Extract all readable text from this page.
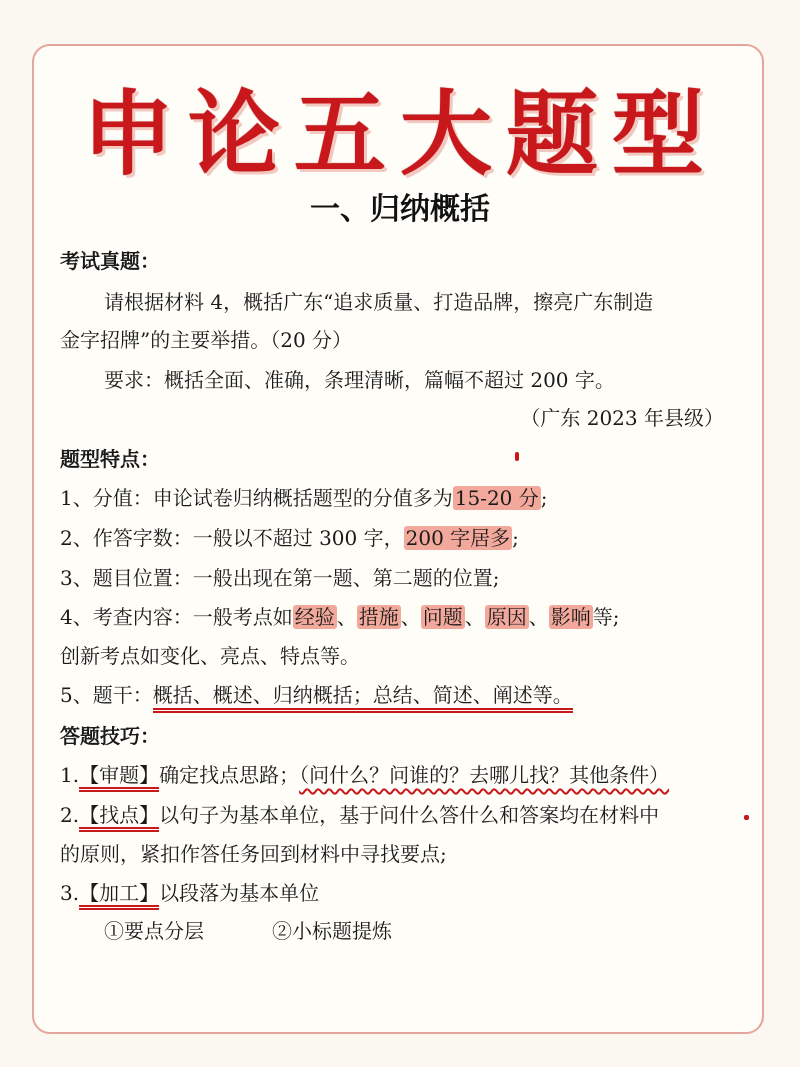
申论五大题型
一、归纳概括
考试真题：
请根据材料 4，概括广东“追求质量、打造品牌，擦亮广东制造
金字招牌”的主要举措。（20 分）
要求：概括全面、准确，条理清晰，篇幅不超过 200 字。
（广东 2023 年县级）
题型特点：
1、分值：申论试卷归纳概括题型的分值多为 15-20 分 ;
2、作答字数：一般以不超过 300 字， 200 字居多 ;
3、题目位置：一般出现在第一题、第二题的位置;
4、考查内容：一般考点如 经验 、 措施 、 问题 、 原因 、 影响 等;
创新考点如变化、亮点、特点等。
5、题干：概括、概述、归纳概括；总结、简述、阐述等。
答题技巧：
1.【审题】确定找点思路；（问什么？问谁的？去哪儿找？其他条件）
2.【找点】以句子为基本单位，基于问什么答什么和答案均在材料中
的原则，紧扣作答任务回到材料中寻找要点;
3.【加工】以段落为基本单位
①要点分层	②小标题提炼
